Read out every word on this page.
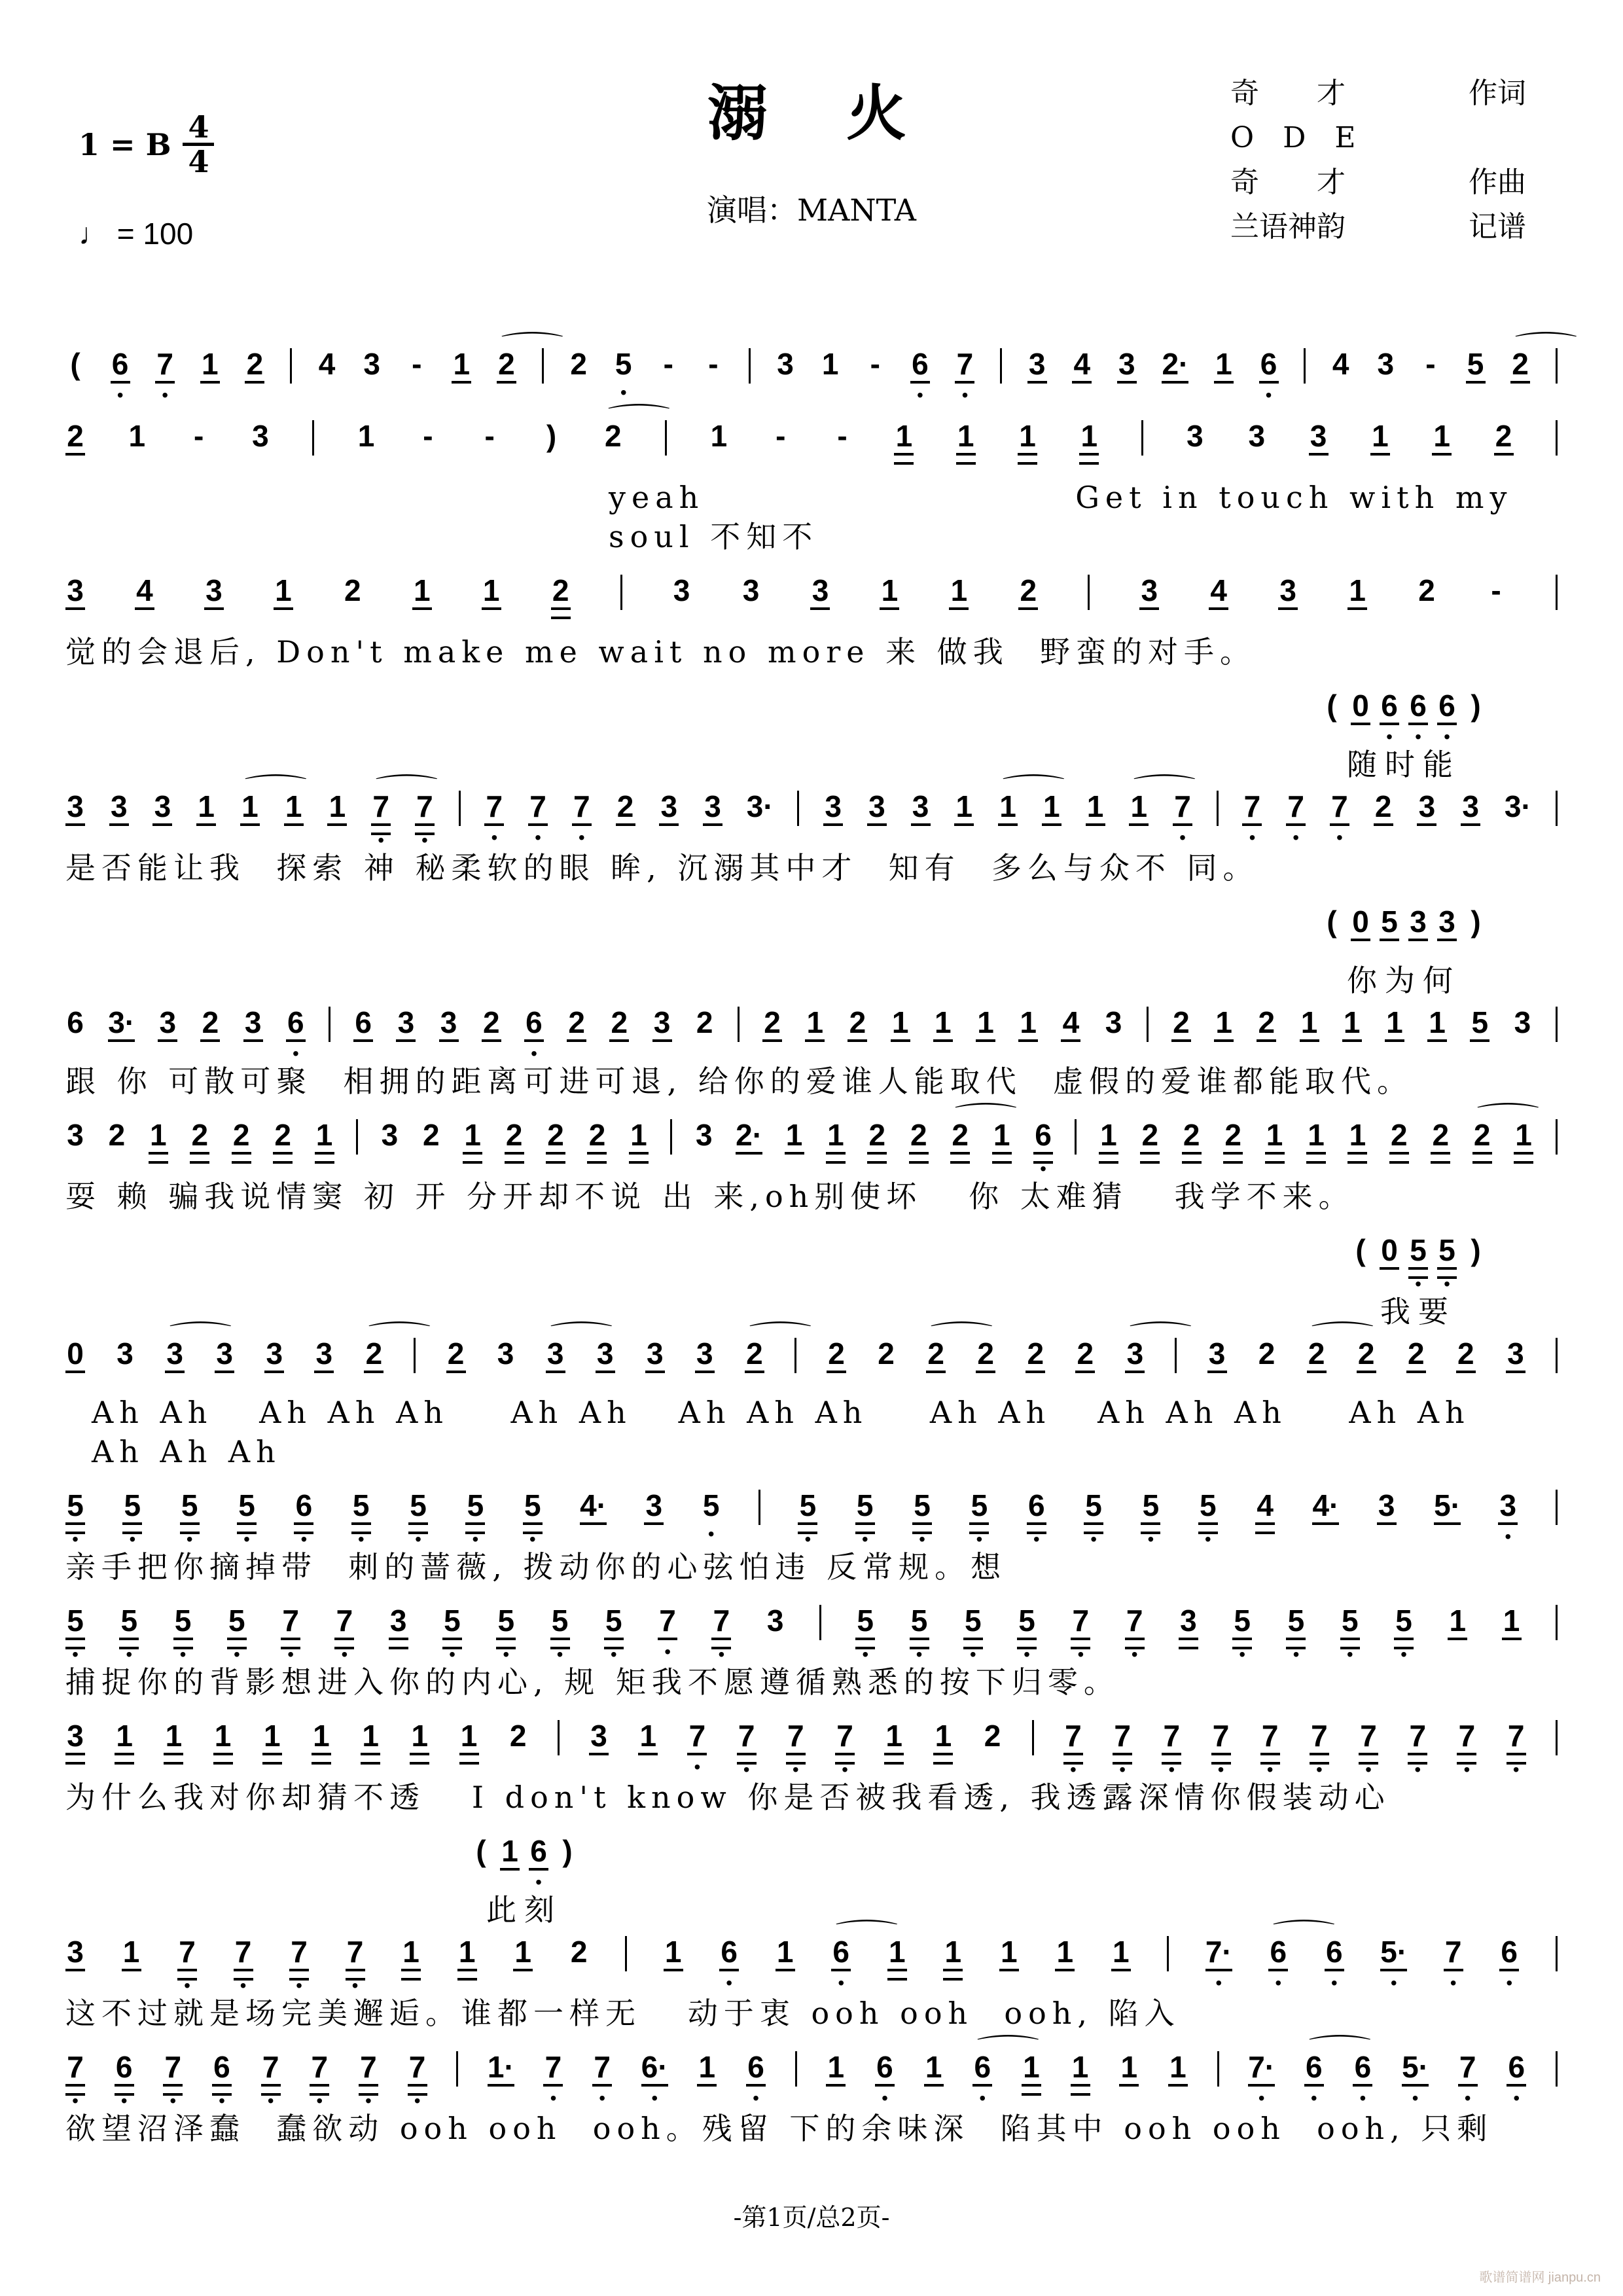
溺　火
演唱：MANTA
1 = B $\frac{4}{4}$
♩ = 100
奇　　才	作词
O　D　E
奇　　才	作曲
兰语神韵	记谱
(
6
•
7
•
1
2
4
3
-
1
⌒ 2
2
5
•
-
-
3
1
-
6
•
7
•
3
4
3
2·
1
6
•
4
3
-
5
⌒ 2

2
1
-
3
	1
-
-
)
⌒ 2
	1
-
-
1
1
1
1
	3
3
3
1
1
2

yeah                        Get in touch with my soul 不知不
3
4
3
1
2
1
1
2
	3
3
3
1
1
2
	3
4
3
1
2
-

觉的会退后, Don't make me wait no more 来 做我  野蛮的对手。
(
0
6
•
6
•
6
•
)

随时能
3
3
3
1
⌒ 1
1
1
⌒ 7
•
7
•
7
•
7
•
7
•
2
3
3
3·
3
3
3
1
⌒ 1
1
1
⌒ 1
7
•
7
•
7
•
7
•
2
3
3
3·

是否能让我  探索 神 秘柔软的眼 眸, 沉溺其中才  知有  多么与众不 同。
(
0
5
3
3
)

你为何
6
3·
3
2
3
6
•
6
3
3
2
6
•
2
2
3
2
2
1
2
1
1
1
1
4
3
2
1
2
1
1
1
1
5
3

跟 你 可散可聚  相拥的距离可进可退, 给你的爱谁人能取代  虚假的爱谁都能取代。
3
2
1
2
2
2
1
3
2
1
2
2
2
1
3
2·
1
1
2
2
⌒ 2
1
6
•
1
2
2
2
1
1
1
2
2
⌒ 2
1

耍 赖 骗我说情窦 初 开 分开却不说 出 来,oh别使坏   你 太难猜   我学不来。
(
0
5
•
5
•
)

我要
0
3
⌒ 3
3
3
3
⌒ 2
2
3
⌒ 3
3
3
3
⌒ 2
2
2
⌒ 2
2
2
2
⌒ 3
3
2
⌒ 2
2
2
2
3

Ah Ah   Ah Ah Ah    Ah Ah   Ah Ah Ah    Ah Ah   Ah Ah Ah    Ah Ah   Ah Ah Ah
5
•
5
•
5
•
5
•
6
•
5
•
5
•
5
•
5
•
4·
3
5
•
5
•
5
•
5
•
5
•
6
•
5
•
5
•
5
•
4
4·
3
5·
3
•
亲手把你摘掉带  刺的蔷薇, 拨动你的心弦怕违 反常规。想
5
•
5
•
5
•
5
•
7
•
7
•
3
5
•
5
•
5
•
5
•
7
•
7
•
3
5
•
5
•
5
•
5
•
7
•
7
•
3
5
•
5
•
5
•
5
•
1
1

捕捉你的背影想进入你的内心, 规 矩我不愿遵循熟悉的按下归零。
3
1
1
1
1
1
1
1
1
2
3
1
7
•
7
•
7
•
7
•
1
1
2
7
•
7
•
7
•
7
•
7
•
7
•
7
•
7
•
7
•
7
•
为什么我对你却猜不透   I don't know 你是否被我看透, 我透露深情你假装动心
(
1
6
•
)

此刻
3
1
7
•
7
•
7
•
7
•
1
1
1
2
	1
6
•
1
⌒ 6
•
1
1
1
1
1
	7·
•
⌒ 6
•
6
•
5·
•
7
•
6
•
这不过就是场完美邂逅。谁都一样无   动于衷 ooh ooh  ooh, 陷入
7
•
6
•
7
•
6
•
7
•
7
•
7
•
7
•
1·
7
•
7
•
6·
•
1
6
•
1
6
•
1
⌒ 6
•
1
1
1
1
7·
•
⌒ 6
•
6
•
5·
•
7
•
6
•
欲望沼泽蠢  蠢欲动 ooh ooh  ooh。残留 下的余味深  陷其中 ooh ooh  ooh, 只剩
-第1页/总2页-
歌谱简谱网 jianpu.cn
